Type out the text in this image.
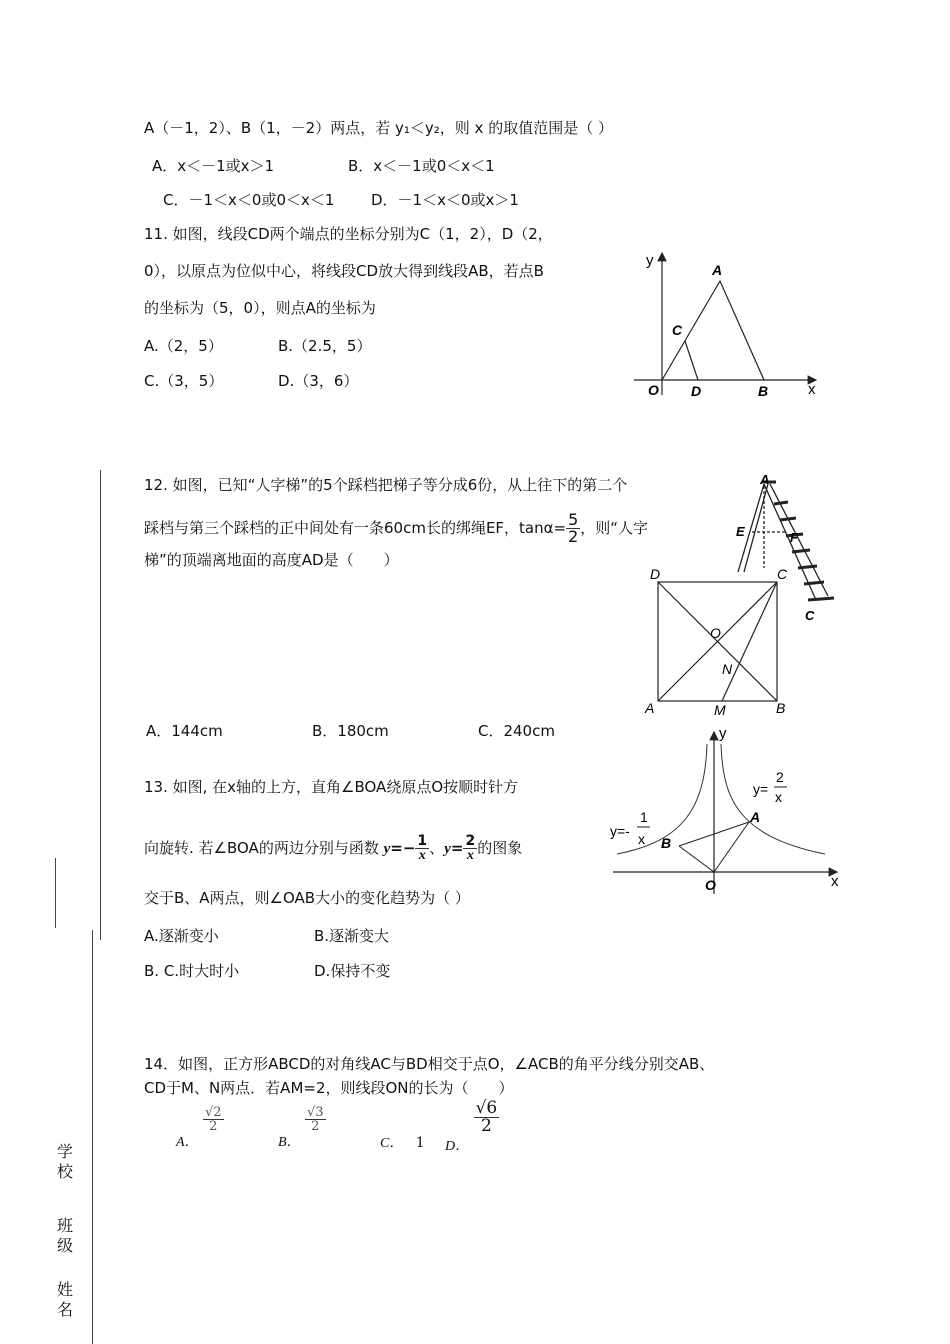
学
校
班
级
姓
名
A（－1，2）、B（1，－2）两点，若 y₁＜y₂，则 x 的取值范围是（ ）
A．x＜－1或x＞1	B．x＜－1或0＜x＜1
C．－1＜x＜0或0＜x＜1 D．－1＜x＜0或x＞1
11. 如图，线段CD两个端点的坐标分别为C（1，2），D（2，
0），以原点为位似中心，将线段CD放大得到线段AB，若点B
的坐标为（5，0），则点A的坐标为
A.（2，5）	B.（2.5，5）
C.（3，5）	D.（3，6）
y
x
A
C
O D	B
12. 如图，已知“人字梯”的5个踩档把梯子等分成6份，从上往下的第二个
踩档与第三个踩档的正中间处有一条60cm长的绑绳EF，$\tan\alpha= \frac{5}{2}$ ，则“人字
梯”的顶端离地面的高度AD是（　　）
A．144cm	B．180cm	C．240cm
A
E	F
C
D	C
O
N
A	M	B
13. 如图, 在x轴的上方，直角∠BOA绕原点O按顺时针方
向旋转. 若∠BOA的两边分别与函数 $y=- \frac{1}{x}$ 、$y= \frac{2}{x}$ 的图象
交于B、A两点，则∠OAB大小的变化趋势为（ ）
A.逐渐变小	B.逐渐变大
B. C.时大时小	D.保持不变
y
x
O
A
B
y=
2
x
y=-
1
x
14．如图，正方形ABCD的对角线AC与BD相交于点O，∠ACB的角平分线分别交AB、
CD于M、N两点．若AM=2，则线段ON的长为（　　）
A．
$\frac{√2}{2}$
B．
$\frac{√3}{2}$
C． 1 D．
$\frac{√6}{2}$
